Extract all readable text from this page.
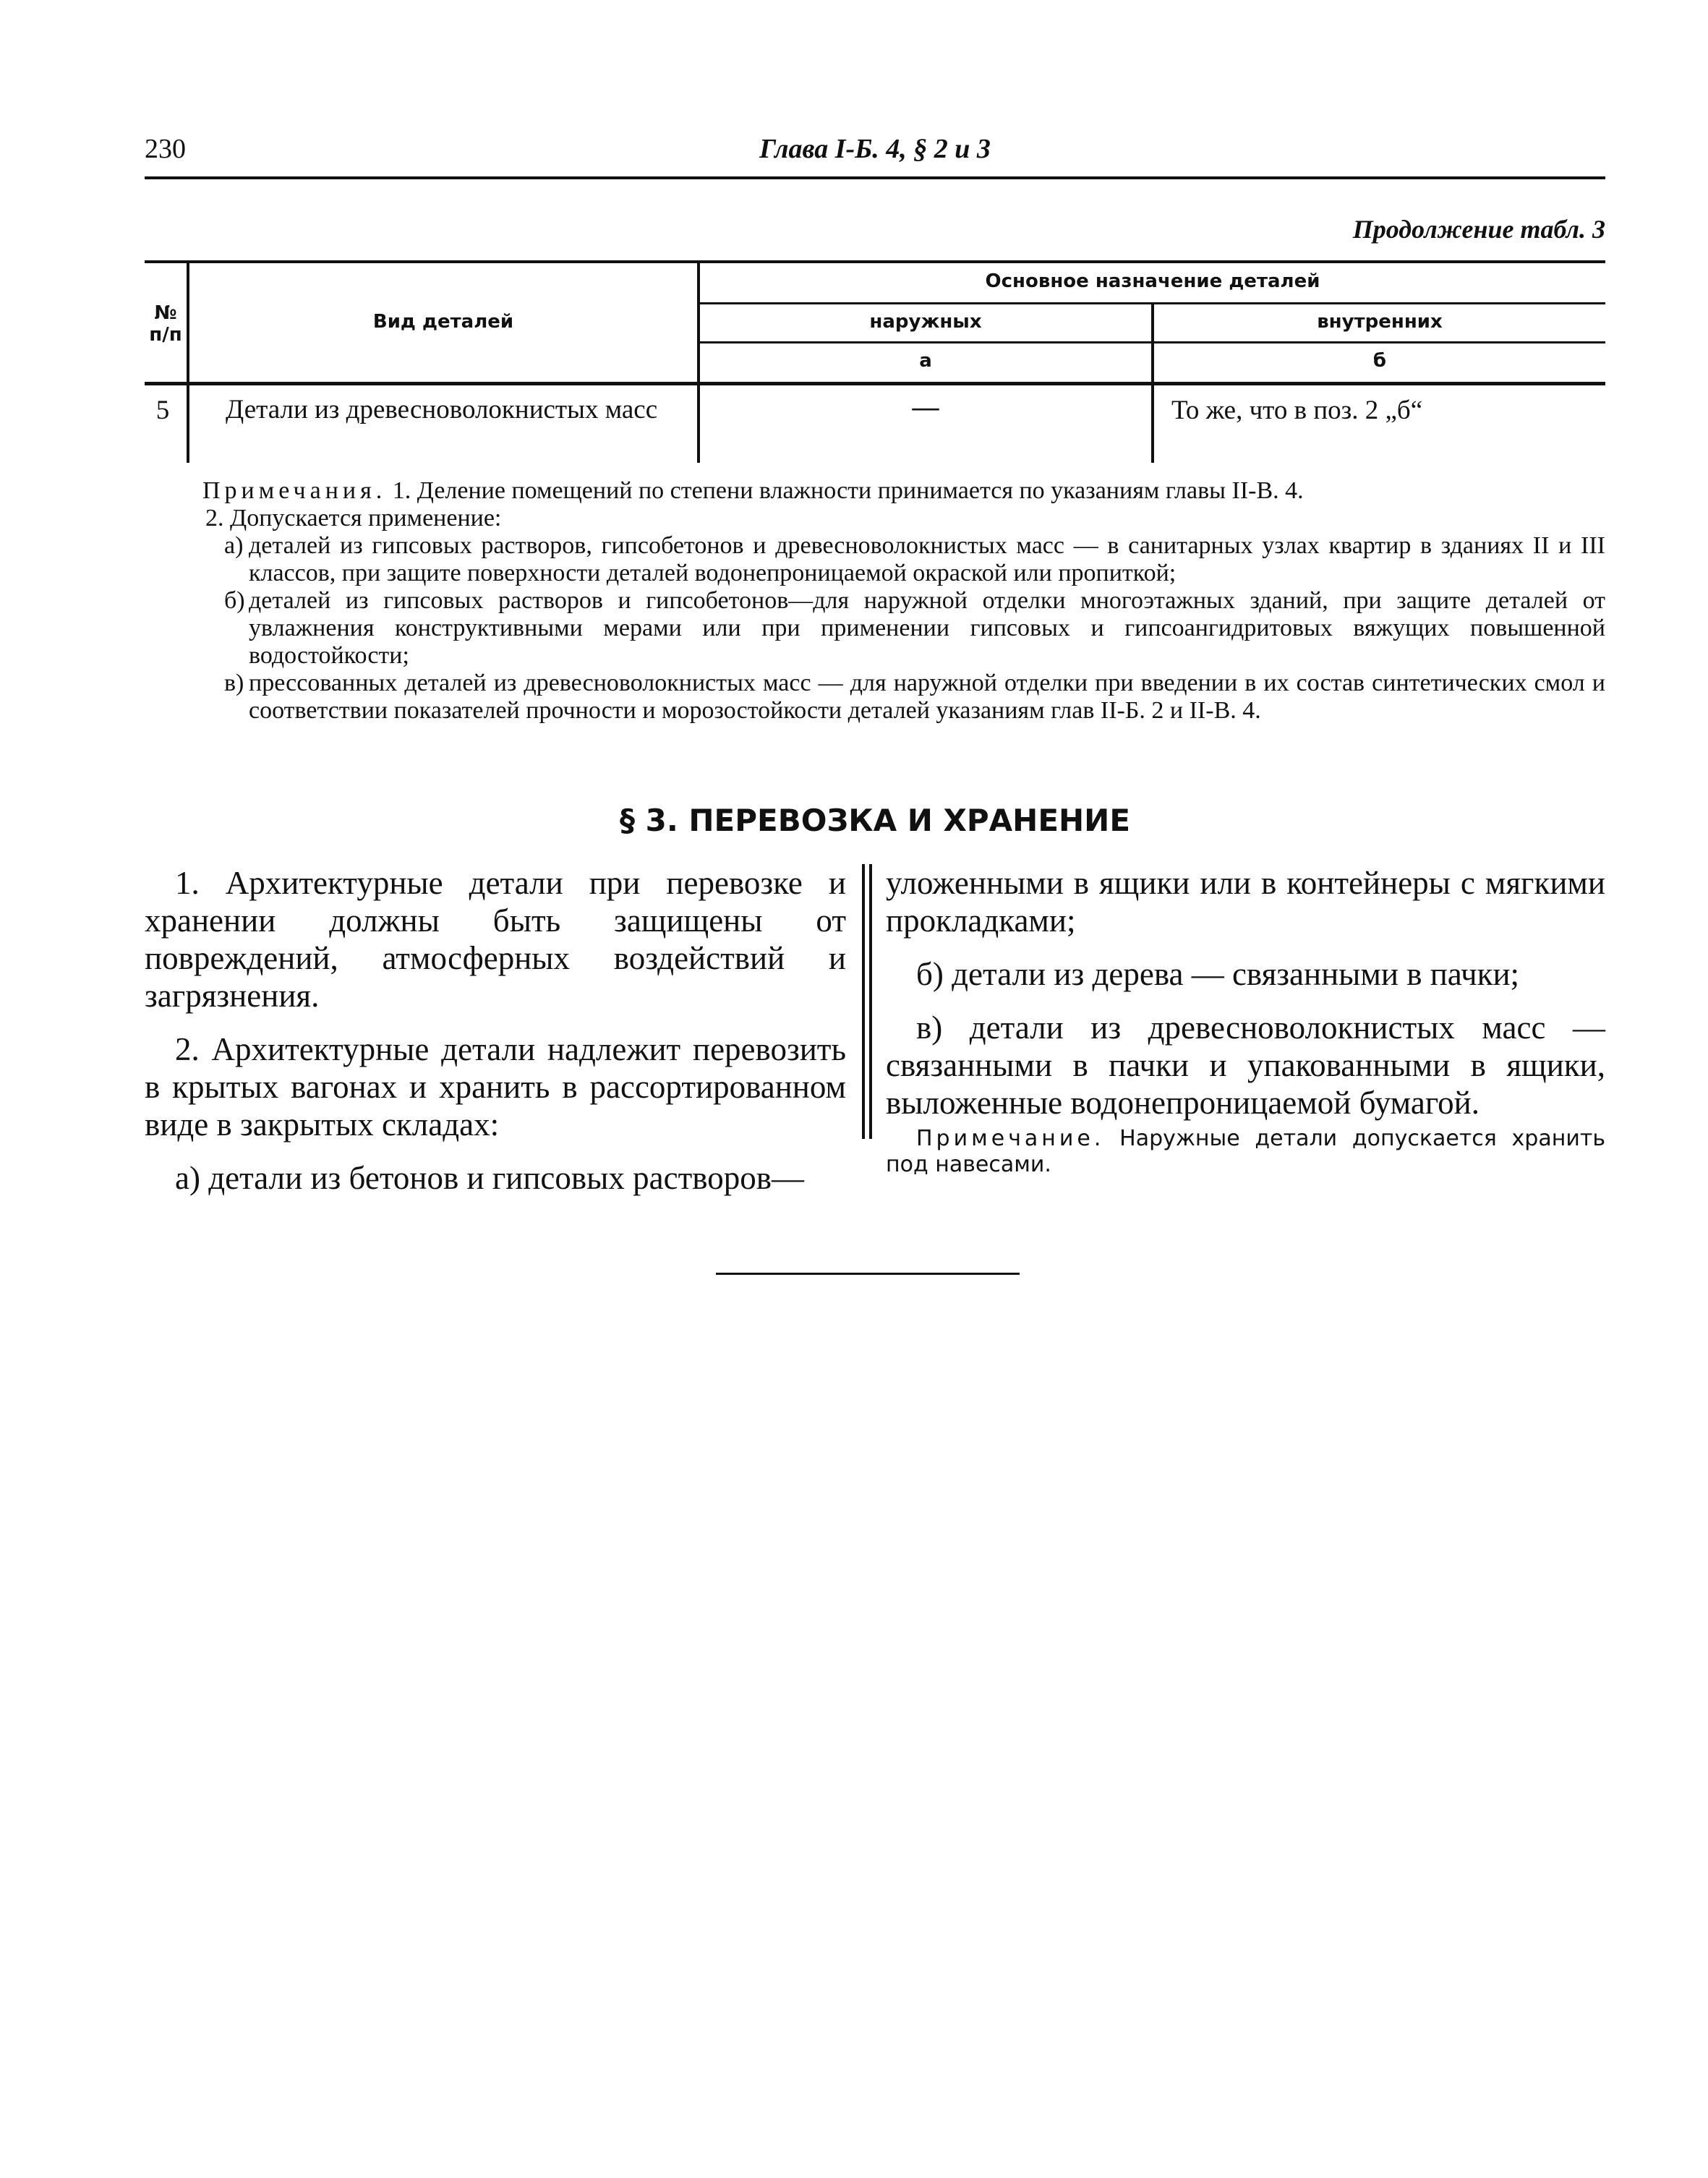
230	Глава I-Б. 4, § 2 и 3
Продолжение табл. 3
№ п/п
Вид деталей
Основное назначение деталей
наружных	внутренних
а	б
5	Детали из древесноволокнистых масс	—	То же, что в поз. 2 „б“
Примечания. 1. Деление помещений по степени влажности принимается по указаниям главы II-В. 4.
2. Допускается применение:
а) деталей из гипсовых растворов, гипсобетонов и древесноволокнистых масс — в санитарных узлах квартир в зданиях II и III классов, при защите поверхности деталей водонепроницаемой окраской или пропиткой;
б) деталей из гипсовых растворов и гипсобетонов—для наружной отделки многоэтажных зданий, при защите деталей от увлажнения конструктивными мерами или при применении гипсовых и гипсоангидритовых вяжущих повышенной водостойкости;
в) прессованных деталей из древесноволокнистых масс — для наружной отделки при введении в их состав синтетических смол и соответствии показателей прочности и морозостойкости деталей указаниям глав II-Б. 2 и II-В. 4.
§ 3. ПЕРЕВОЗКА И ХРАНЕНИЕ

1. Архитектурные детали при перевозке и хранении должны быть защищены от повреждений, атмосферных воздействий и загрязнения.

2. Архитектурные детали надлежит перевозить в крытых вагонах и хранить в рассортированном виде в закрытых складах:

а) детали из бетонов и гипсовых растворов—

уложенными в ящики или в контейнеры с мягкими прокладками;

б) детали из дерева — связанными в пачки;

в) детали из древесноволокнистых масс — связанными в пачки и упакованными в ящики, выложенные водонепроницаемой бумагой.

Примечание. Наружные детали допускается хранить под навесами.
